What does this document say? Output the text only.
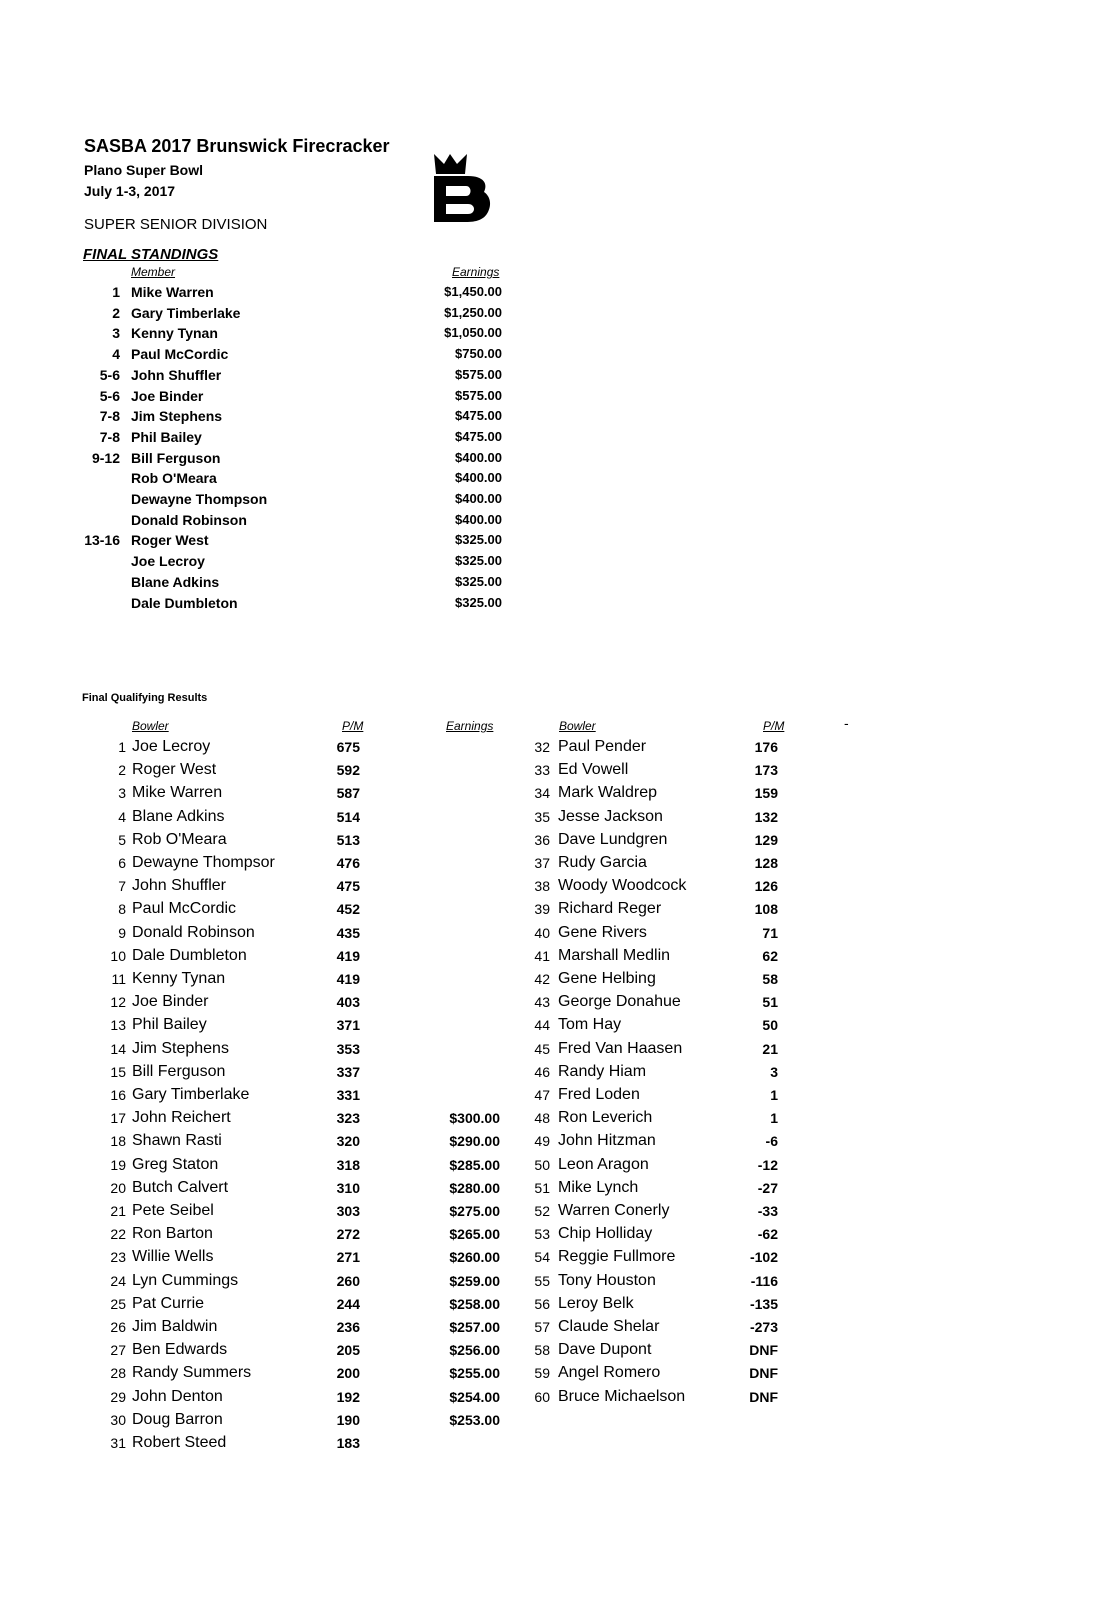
SASBA 2017 Brunswick Firecracker
Plano Super Bowl
July 1-3, 2017
SUPER SENIOR DIVISION
FINAL STANDINGS
Member	Earnings
1 Mike Warren	$1,450.00
2 Gary Timberlake	$1,250.00
3 Kenny Tynan	$1,050.00
4 Paul McCordic	$750.00
5-6 John Shuffler	$575.00
5-6 Joe Binder	$575.00
7-8 Jim Stephens	$475.00
7-8 Phil Bailey	$475.00
9-12 Bill Ferguson	$400.00
Rob O'Meara	$400.00
Dewayne Thompson	$400.00
Donald Robinson	$400.00
13-16 Roger West	$325.00
Joe Lecroy	$325.00
Blane Adkins	$325.00
Dale Dumbleton	$325.00
Final Qualifying Results
Bowler	P/M	Earnings	Bowler	P/M	-
1 Joe Lecroy	675
2 Roger West	592
3 Mike Warren	587
4 Blane Adkins	514
5 Rob O'Meara	513
6 Dewayne Thompsor	476
7 John Shuffler	475
8 Paul McCordic	452
9 Donald Robinson	435
10 Dale Dumbleton	419
11 Kenny Tynan	419
12 Joe Binder	403
13 Phil Bailey	371
14 Jim Stephens	353
15 Bill Ferguson	337
16 Gary Timberlake	331
17 John Reichert	323	$300.00
18 Shawn Rasti	320	$290.00
19 Greg Staton	318	$285.00
20 Butch Calvert	310	$280.00
21 Pete Seibel	303	$275.00
22 Ron Barton	272	$265.00
23 Willie Wells	271	$260.00
24 Lyn Cummings	260	$259.00
25 Pat Currie	244	$258.00
26 Jim Baldwin	236	$257.00
27 Ben Edwards	205	$256.00
28 Randy Summers	200	$255.00
29 John Denton	192	$254.00
30 Doug Barron	190	$253.00
31 Robert Steed	183
32 Paul Pender	176
33 Ed Vowell	173
34 Mark Waldrep	159
35 Jesse Jackson	132
36 Dave Lundgren	129
37 Rudy Garcia	128
38 Woody Woodcock	126
39 Richard Reger	108
40 Gene Rivers	71
41 Marshall Medlin	62
42 Gene Helbing	58
43 George Donahue	51
44 Tom Hay	50
45 Fred Van Haasen	21
46 Randy Hiam	3
47 Fred Loden	1
48 Ron Leverich	1
49 John Hitzman	-6
50 Leon Aragon	-12
51 Mike Lynch	-27
52 Warren Conerly	-33
53 Chip Holliday	-62
54 Reggie Fullmore	-102
55 Tony Houston	-116
56 Leroy Belk	-135
57 Claude Shelar	-273
58 Dave Dupont	DNF
59 Angel Romero	DNF
60 Bruce Michaelson	DNF
